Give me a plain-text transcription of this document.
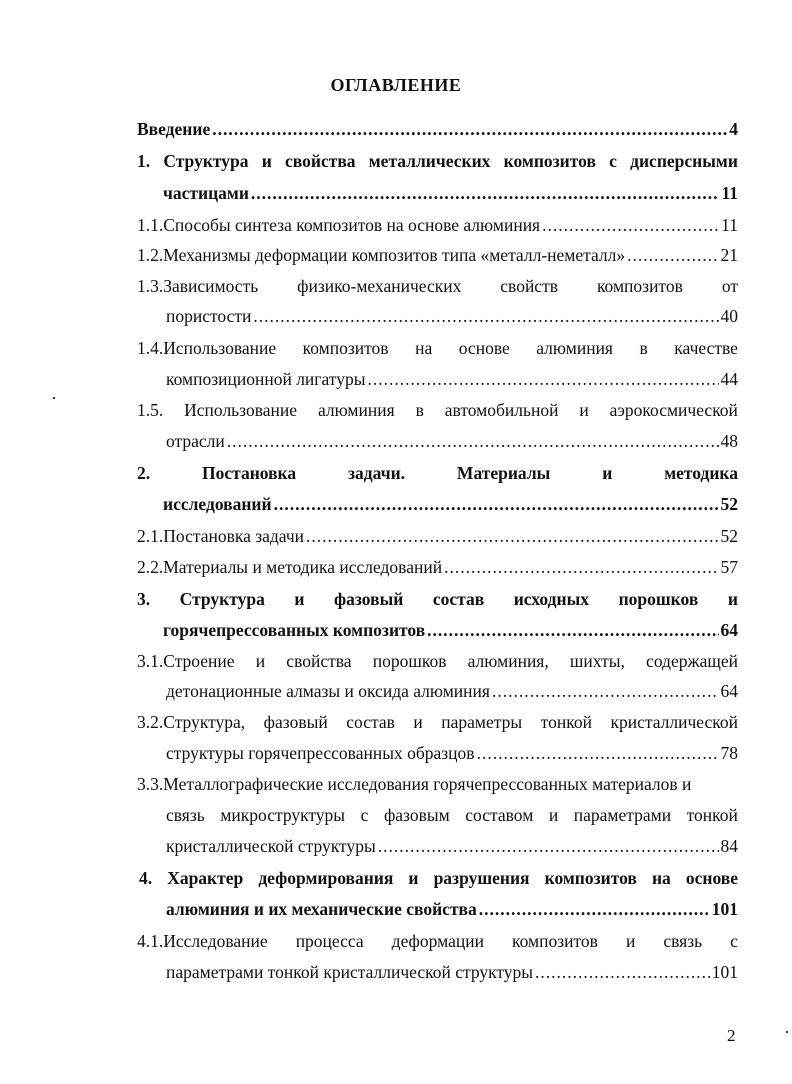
ОГЛАВЛЕНИЕ
Введение .....	4
1. Структура и свойства металлических композитов с дисперсными
частицами .....	11
1.1.Способы синтеза композитов на основе алюминия .....	11
1.2.Механизмы деформации композитов типа «металл-неметалл» .....	21
1.3.Зависимость физико-механических свойств композитов от
пористости .....	40
1.4.Использование композитов на основе алюминия в качестве
композиционной лигатуры .....	44
1.5. Использование алюминия в автомобильной и аэрокосмической
отрасли .....	48
2.	Постановка	задачи.	Материалы	и	методика
исследований .....	52
2.1.Постановка задачи .....	52
2.2.Материалы и методика исследований .....	57
3. Структура и фазовый состав исходных порошков и
горячепрессованных композитов .....	64
3.1.Строение и свойства порошков алюминия, шихты, содержащей
детонационные алмазы и оксида алюминия .....	64
3.2.Структура, фазовый состав и параметры тонкой кристаллической
структуры горячепрессованных образцов .....	78
3.3.Металлографические исследования горячепрессованных материалов и
связь микроструктуры с фазовым составом и параметрами тонкой
кристаллической структуры .....	84
4. Характер деформирования и разрушения композитов на основе
алюминия и их механические свойства .....	101
4.1.Исследование процесса деформации композитов и связь с
параметрами тонкой кристаллической структуры .....	101
2
